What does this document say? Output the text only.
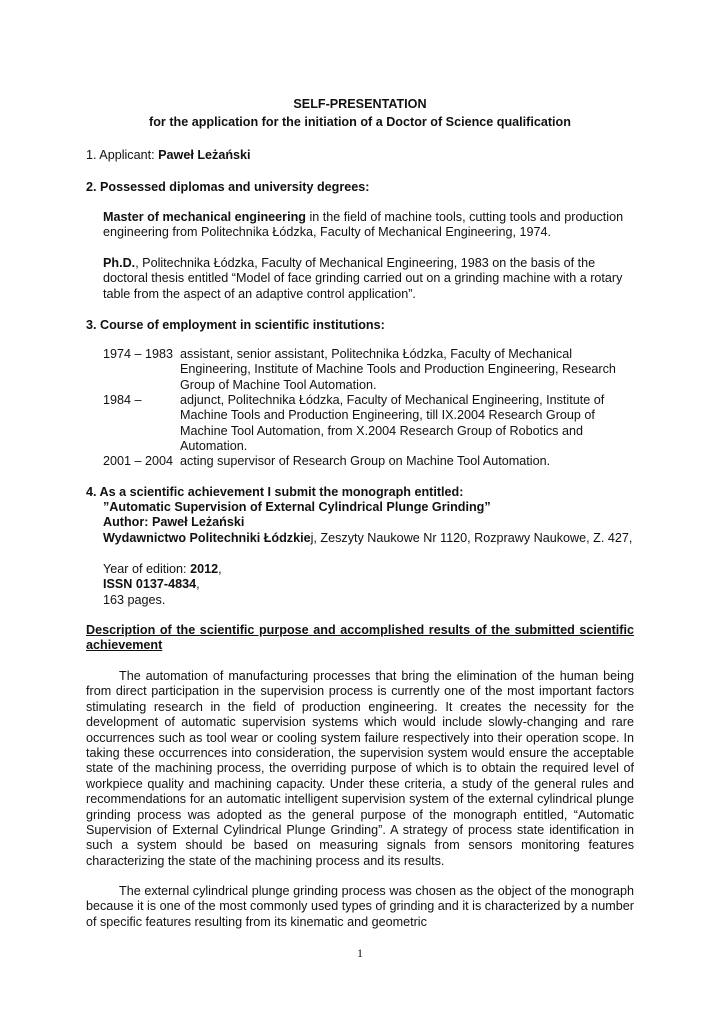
SELF-PRESENTATION
for the application for the initiation of a Doctor of Science qualification
1. Applicant: Paweł Leżański
2. Possessed diplomas and university degrees:
Master of mechanical engineering in the field of machine tools, cutting tools and production engineering from Politechnika Łódzka, Faculty of Mechanical Engineering, 1974.
Ph.D., Politechnika Łódzka, Faculty of Mechanical Engineering, 1983 on the basis of the doctoral thesis entitled “Model of face grinding carried out on a grinding machine with a rotary table from the aspect of an adaptive control application”.
3. Course of employment in scientific institutions:
1974 – 1983 assistant, senior assistant, Politechnika Łódzka, Faculty of Mechanical Engineering, Institute of Machine Tools and Production Engineering, Research Group of Machine Tool Automation.
1984 –	adjunct, Politechnika Łódzka, Faculty of Mechanical Engineering, Institute of Machine Tools and Production Engineering, till IX.2004 Research Group of Machine Tool Automation, from X.2004 Research Group of Robotics and Automation.
2001 – 2004 acting supervisor of Research Group on Machine Tool Automation.
4. As a scientific achievement I submit the monograph entitled:
”Automatic Supervision of External Cylindrical Plunge Grinding”
Author: Paweł Leżański
Wydawnictwo Politechniki Łódzkiej, Zeszyty Naukowe Nr 1120, Rozprawy Naukowe, Z. 427,
Year of edition: 2012,
ISSN 0137-4834,
163 pages.
Description of the scientific purpose and accomplished results of the submitted scientific achievement
The automation of manufacturing processes that bring the elimination of the human being from direct participation in the supervision process is currently one of the most important factors stimulating research in the field of production engineering. It creates the necessity for the development of automatic supervision systems which would include slowly-changing and rare occurrences such as tool wear or cooling system failure respectively into their operation scope. In taking these occurrences into consideration, the supervision system would ensure the acceptable state of the machining process, the overriding purpose of which is to obtain the required level of workpiece quality and machining capacity. Under these criteria, a study of the general rules and recommendations for an automatic intelligent supervision system of the external cylindrical plunge grinding process was adopted as the general purpose of the monograph entitled, “Automatic Supervision of External Cylindrical Plunge Grinding”. A strategy of process state identification in such a system should be based on measuring signals from sensors monitoring features characterizing the state of the machining process and its results.
The external cylindrical plunge grinding process was chosen as the object of the monograph because it is one of the most commonly used types of grinding and it is characterized by a number of specific features resulting from its kinematic and geometric
1
